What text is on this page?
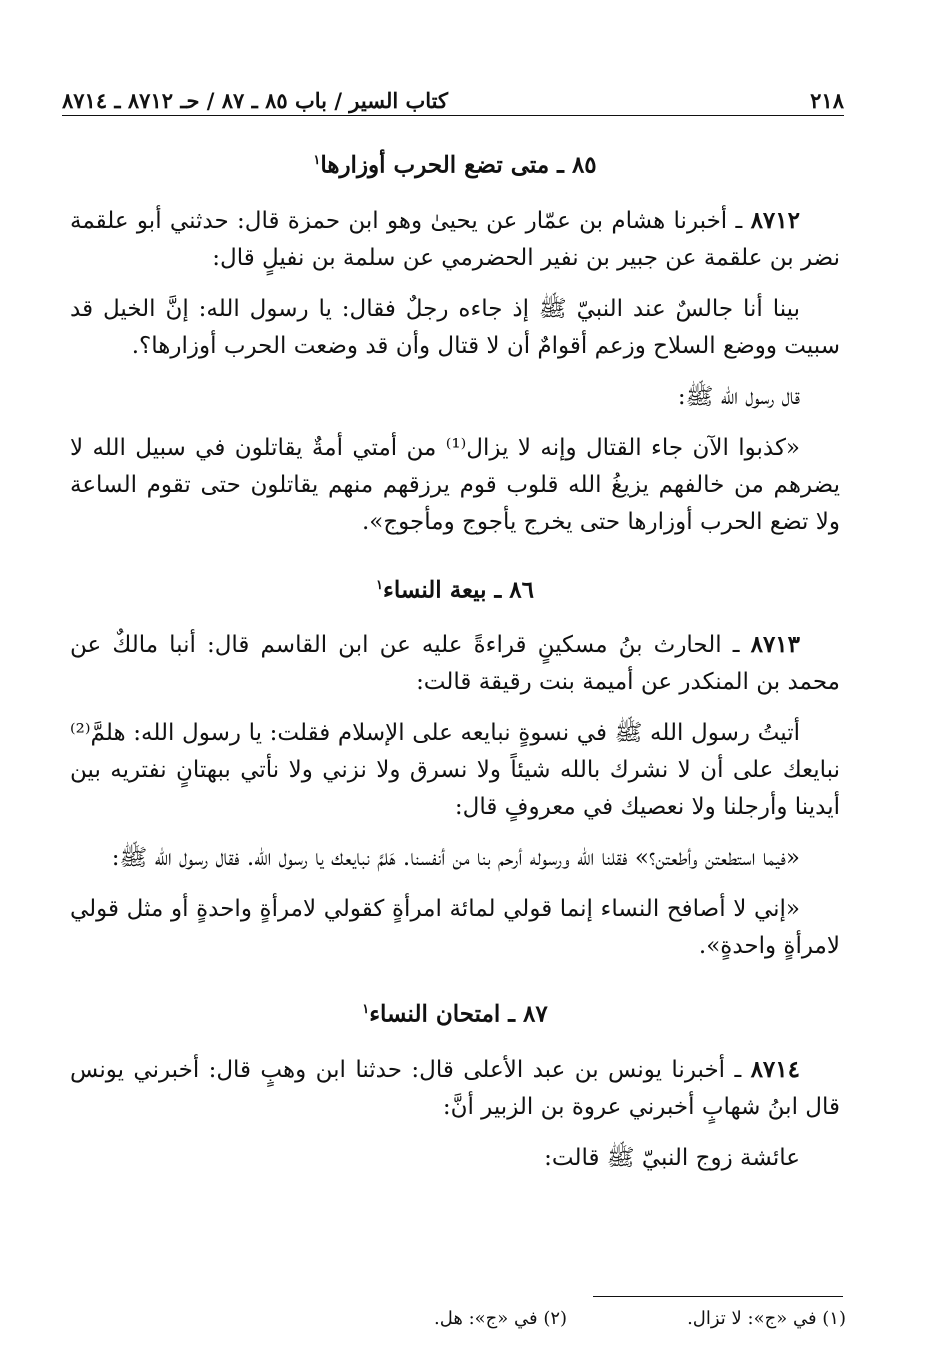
٢١٨
كتاب السير / باب ٨٥ ـ ٨٧ / حـ ٨٧١٢ ـ ٨٧١٤
٨٥ ـ متى تضع الحرب أوزارها$^١$

٨٧١٢ ـ أخبرنا هشام بن عمّار عن يحيىٰ وهو ابن حمزة قال: حدثني أبو علقمة نضر بن علقمة عن جبير بن نفير الحضرمي عن سلمة بن نفيلٍ قال:

بينا أنا جالسٌ عند النبيّ ﷺ إذ جاءه رجلٌ فقال: يا رسول الله: إنَّ الخيل قد سبيت ووضع السلاح وزعم أقوامٌ أن لا قتال وأن قد وضعت الحرب أوزارها؟.

قال رسول الله ﷺ:

«كذبوا الآن جاء القتال وإنه لا يزال⁽¹⁾ من أمتي أمةٌ يقاتلون في سبيل الله لا يضرهم من خالفهم يزيغُ الله قلوب قوم يرزقهم منهم يقاتلون حتى تقوم الساعة ولا تضع الحرب أوزارها حتى يخرج يأجوج ومأجوج».

٨٦ ـ بيعة النساء$^١$

٨٧١٣ ـ الحارث بنُ مسكينٍ قراءةً عليه عن ابن القاسم قال: أنبا مالكٌ عن محمد بن المنكدر عن أميمة بنت رقيقة قالت:

أتيتُ رسول الله ﷺ في نسوةٍ نبايعه على الإسلام فقلت: يا رسول الله: هلمَّ⁽²⁾ نبايعك على أن لا نشرك بالله شيئاً ولا نسرق ولا نزني ولا نأتي ببهتانٍ نفتريه بين أيدينا وأرجلنا ولا نعصيك في معروفٍ قال:

«فيما استطعتن وأطعتن؟» فقلنا الله ورسوله أرحم بنا من أنفسنا. هَلمَّ نبايعك يا رسول الله. فقال رسول الله ﷺ:

«إني لا أصافح النساء إنما قولي لمائة امرأةٍ كقولي لامرأةٍ واحدةٍ أو مثل قولي لامرأةٍ واحدةٍ».

٨٧ ـ امتحان النساء$^١$

٨٧١٤ ـ أخبرنا يونس بن عبد الأعلى قال: حدثنا ابن وهبٍ قال: أخبرني يونس قال ابنُ شهابٍ أخبرني عروة بن الزبير أنَّ:

عائشة زوج النبيّ ﷺ قالت:

(١) في «ج»: لا تزال.
(٢) في «ج»: هل.
